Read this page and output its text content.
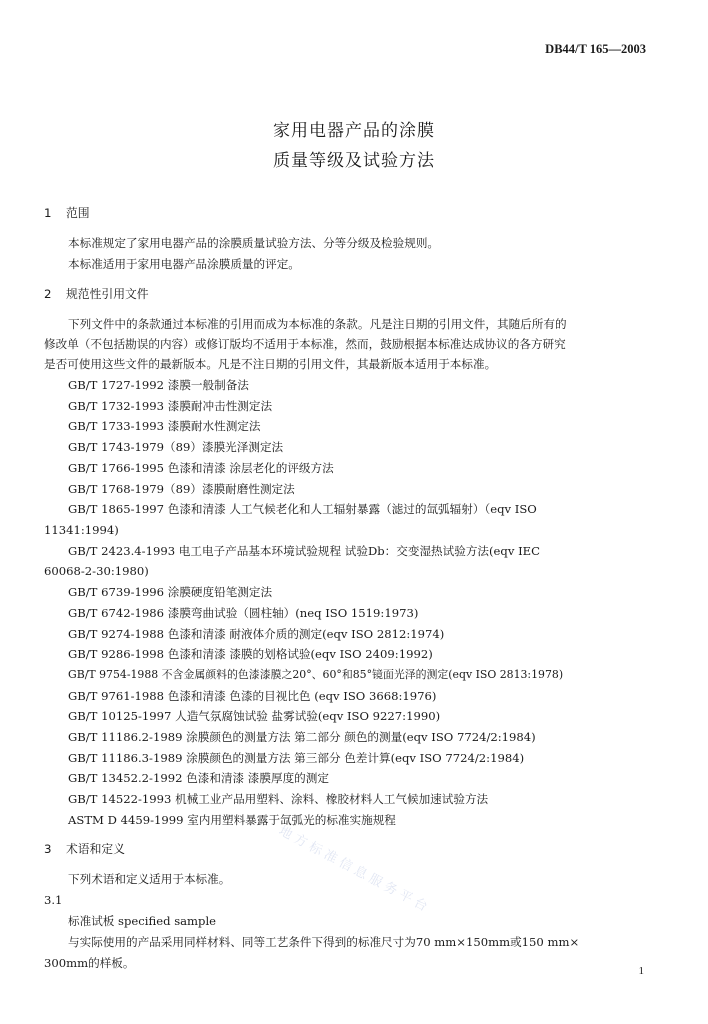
DB44/T 165—2003
家用电器产品的涂膜
质量等级及试验方法
1 范围
本标准规定了家用电器产品的涂膜质量试验方法、分等分级及检验规则。
本标准适用于家用电器产品涂膜质量的评定。
2 规范性引用文件
下列文件中的条款通过本标准的引用而成为本标准的条款。凡是注日期的引用文件，其随后所有的
修改单（不包括勘误的内容）或修订版均不适用于本标准，然而，鼓励根据本标准达成协议的各方研究
是否可使用这些文件的最新版本。凡是不注日期的引用文件，其最新版本适用于本标准。
GB/T 1727-1992 漆膜一般制备法
GB/T 1732-1993 漆膜耐冲击性测定法
GB/T 1733-1993 漆膜耐水性测定法
GB/T 1743-1979（89）漆膜光泽测定法
GB/T 1766-1995 色漆和清漆 涂层老化的评级方法
GB/T 1768-1979（89）漆膜耐磨性测定法
GB/T 1865-1997 色漆和清漆 人工气候老化和人工辐射暴露（滤过的氙弧辐射）（eqv ISO
11341:1994)
GB/T 2423.4-1993 电工电子产品基本环境试验规程 试验Db：交变湿热试验方法(eqv IEC
60068-2-30:1980)
GB/T 6739-1996 涂膜硬度铅笔测定法
GB/T 6742-1986 漆膜弯曲试验（圆柱轴）(neq ISO 1519:1973)
GB/T 9274-1988 色漆和清漆 耐液体介质的测定(eqv ISO 2812:1974)
GB/T 9286-1998 色漆和清漆 漆膜的划格试验(eqv ISO 2409:1992)
GB/T 9754-1988 不含金属颜料的色漆漆膜之20°、60°和85°镜面光泽的测定(eqv ISO 2813:1978)
GB/T 9761-1988 色漆和清漆 色漆的目视比色 (eqv ISO 3668:1976)
GB/T 10125-1997 人造气氛腐蚀试验 盐雾试验(eqv ISO 9227:1990)
GB/T 11186.2-1989 涂膜颜色的测量方法 第二部分 颜色的测量(eqv ISO 7724/2:1984)
GB/T 11186.3-1989 涂膜颜色的测量方法 第三部分 色差计算(eqv ISO 7724/2:1984)
GB/T 13452.2-1992 色漆和清漆 漆膜厚度的测定
GB/T 14522-1993 机械工业产品用塑料、涂料、橡胶材料人工气候加速试验方法
ASTM D 4459-1999 室内用塑料暴露于氙弧光的标准实施规程
3 术语和定义
下列术语和定义适用于本标准。
3.1
标准试板 specified sample
与实际使用的产品采用同样材料、同等工艺条件下得到的标准尺寸为70 mm×150mm或150 mm×
300mm的样板。
地方标准信息服务平台
1
